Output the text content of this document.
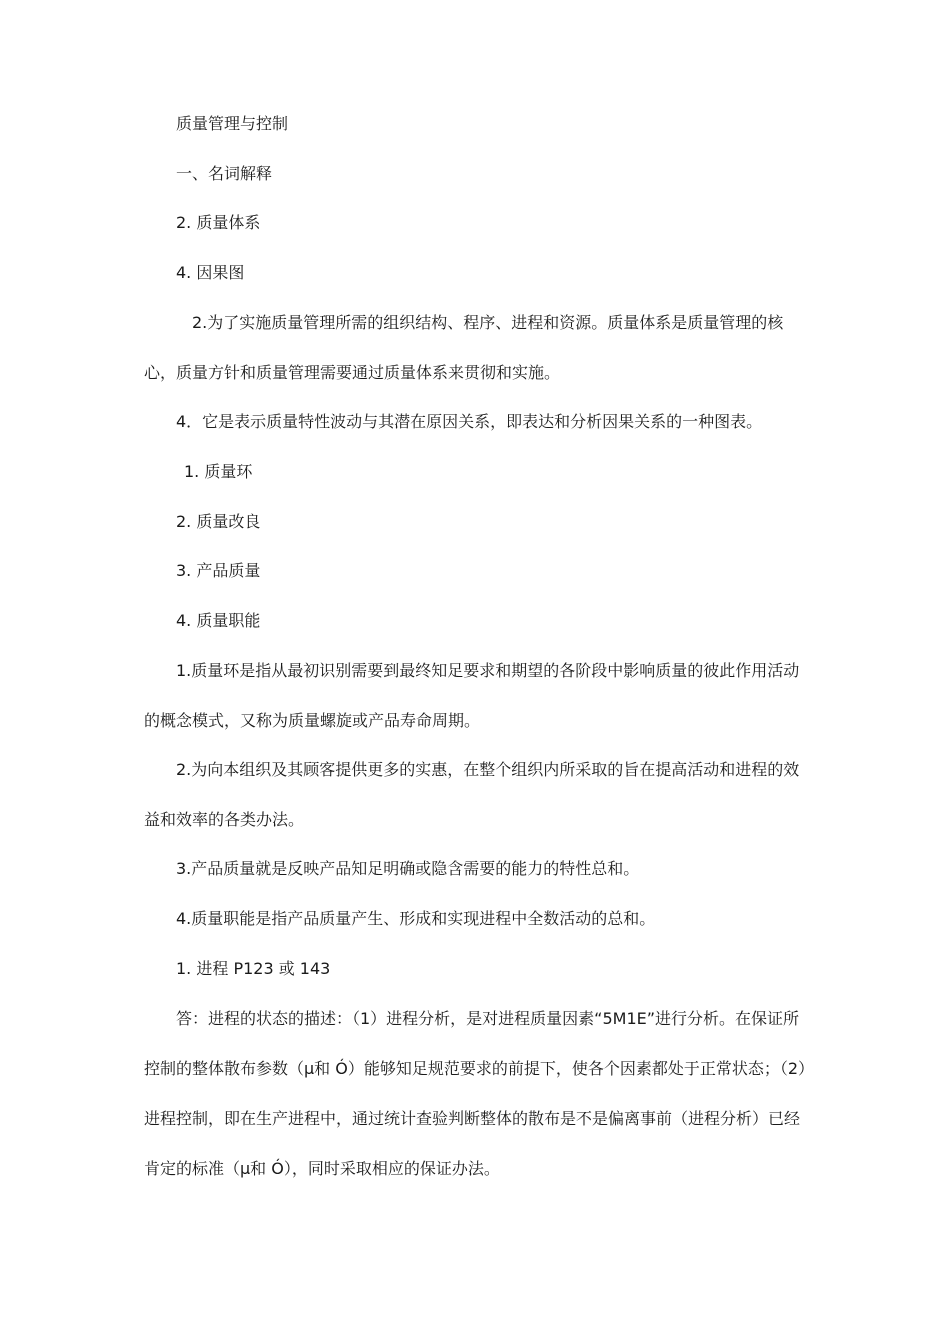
质量管理与控制
一、名词解释
2. 质量体系
4. 因果图
2.为了实施质量管理所需的组织结构、程序、进程和资源。质量体系是质量管理的核心，质量方针和质量管理需要通过质量体系来贯彻和实施。
4．它是表示质量特性波动与其潜在原因关系，即表达和分析因果关系的一种图表。
1. 质量环
2. 质量改良
3. 产品质量
4. 质量职能
1.质量环是指从最初识别需要到最终知足要求和期望的各阶段中影响质量的彼此作用活动的概念模式，又称为质量螺旋或产品寿命周期。
2.为向本组织及其顾客提供更多的实惠，在整个组织内所采取的旨在提高活动和进程的效益和效率的各类办法。
3.产品质量就是反映产品知足明确或隐含需要的能力的特性总和。
4.质量职能是指产品质量产生、形成和实现进程中全数活动的总和。
1. 进程 P123 或 143
答：进程的状态的描述：（1）进程分析，是对进程质量因素“5M1E”进行分析。在保证所控制的整体散布参数（μ和 Ó）能够知足规范要求的前提下，使各个因素都处于正常状态；（2）进程控制，即在生产进程中，通过统计查验判断整体的散布是不是偏离事前（进程分析）已经肯定的标准（μ和 Ó），同时采取相应的保证办法。
